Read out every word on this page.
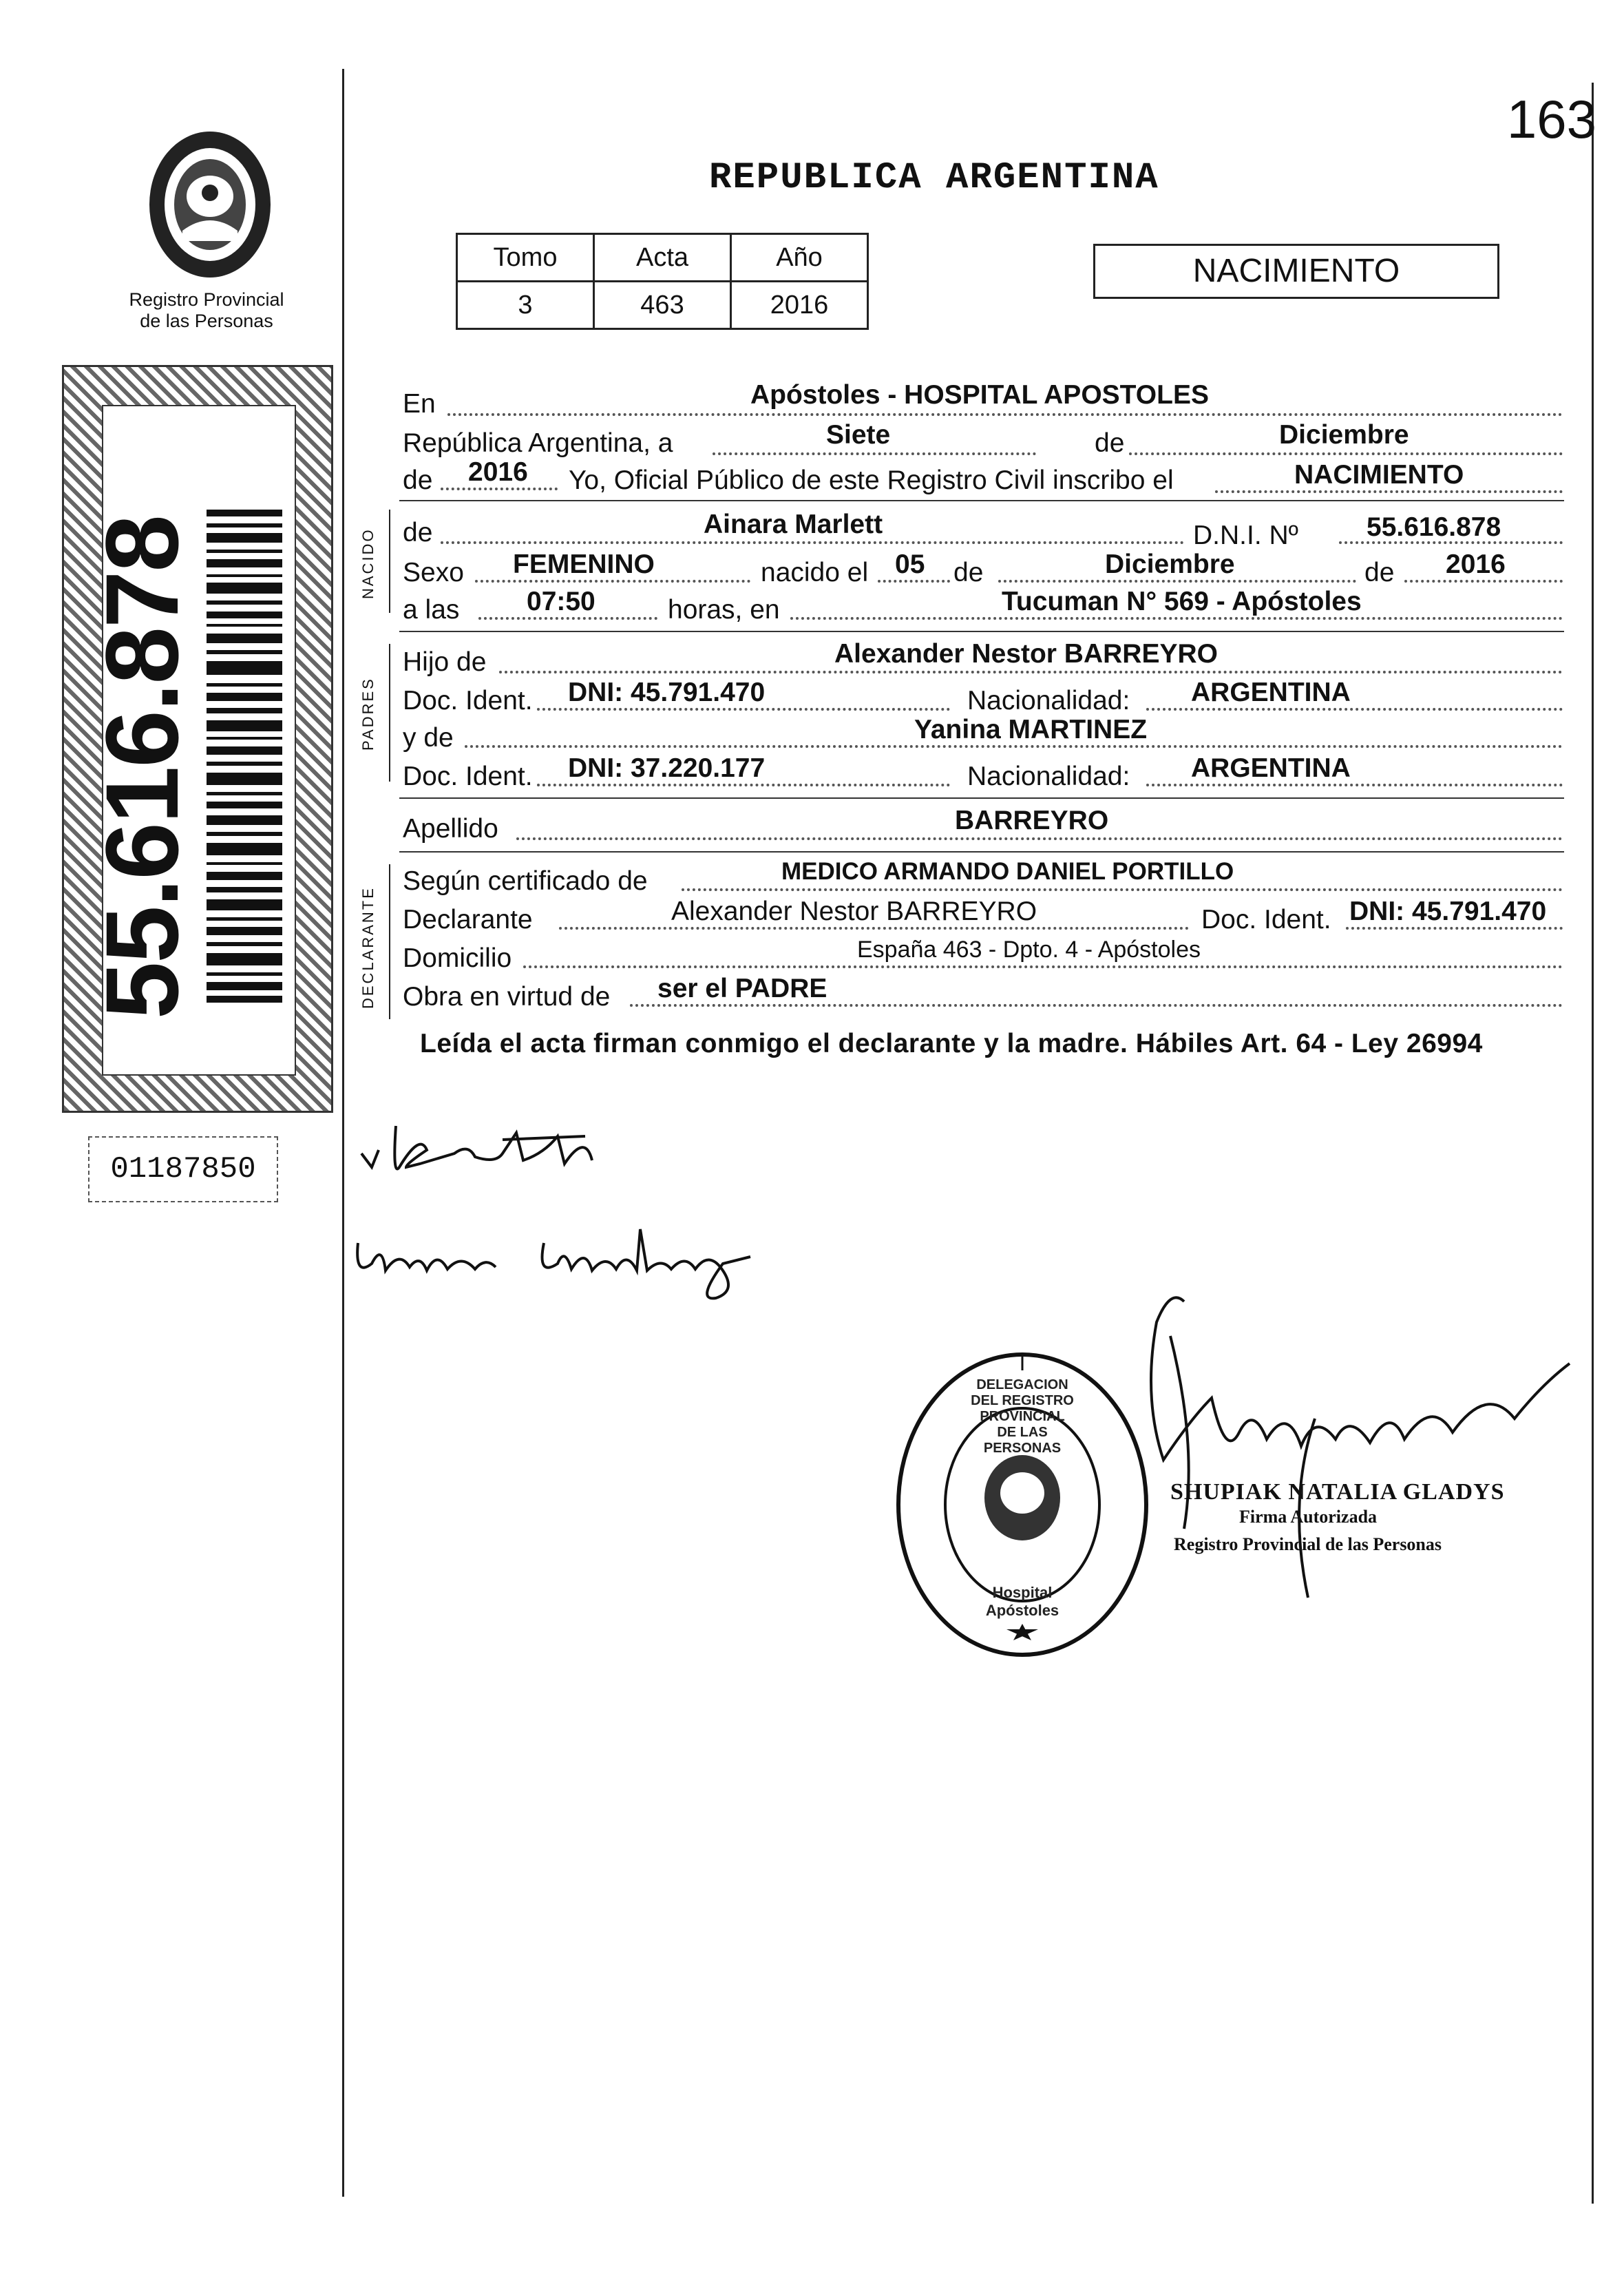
163
REPUBLICA ARGENTINA
Registro Provincial
de las Personas
Tomo	Acta	Año
3	463	2016
NACIMIENTO
55.616.878
01187850
NACIDO
PADRES
DECLARANTE
En	Apóstoles - HOSPITAL APOSTOLES
República Argentina, a	Siete	de	Diciembre
de 2016 Yo, Oficial Público de este Registro Civil inscribo el	NACIMIENTO
de	Ainara Marlett	D.N.I. Nº	55.616.878
Sexo FEMENINO	nacido el 05 de	Diciembre	de 2016
a las	07:50	horas, en	Tucuman N° 569 - Apóstoles
Hijo de	Alexander Nestor BARREYRO
Doc. Ident. DNI: 45.791.470	Nacionalidad: ARGENTINA
y de	Yanina MARTINEZ
Doc. Ident. DNI: 37.220.177	Nacionalidad: ARGENTINA
Apellido	BARREYRO
Según certificado de	MEDICO ARMANDO DANIEL PORTILLO
Declarante	Alexander Nestor BARREYRO	Doc. Ident. DNI: 45.791.470
Domicilio	España 463 - Dpto. 4 - Apóstoles
Obra en virtud de ser el PADRE
Leída el acta firman conmigo el declarante y la madre. Hábiles Art. 64 - Ley 26994
DELEGACION DEL REGISTRO PROVINCIAL DE LAS PERSONAS
Hospital Apóstoles
SHUPIAK NATALIA GLADYS
Firma Autorizada
Registro Provincial de las Personas
